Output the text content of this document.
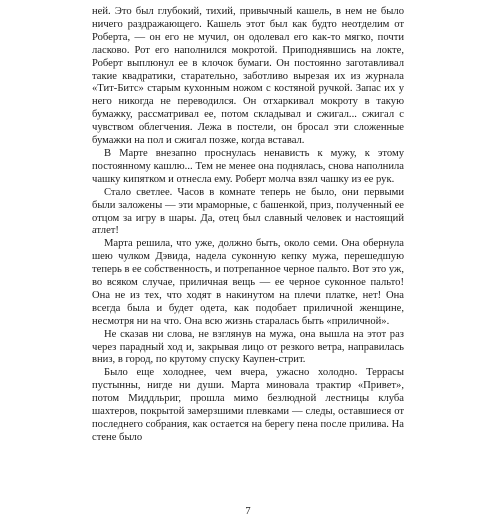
ней. Это был глубокий, тихий, привычный кашель, в нем не было ничего раздражающего. Кашель этот был как будто неотделим от Роберта, — он его не мучил, он одолевал его как-то мягко, почти ласково. Рот его наполнился мокротой. Приподнявшись на локте, Роберт выплюнул ее в клочок бумаги. Он постоянно заготавливал такие квадратики, старательно, заботливо вырезая их из журнала «Тит-Битс» старым кухонным ножом с костяной ручкой. Запас их у него никогда не переводился. Он отхаркивал мокроту в такую бумажку, рассматривал ее, потом складывал и сжигал... сжигал с чувством облегчения. Лежа в постели, он бросал эти сложенные бумажки на пол и сжигал позже, когда вставал.

В Марте внезапно проснулась ненависть к мужу, к этому постоянному кашлю... Тем не менее она поднялась, снова наполнила чашку кипятком и отнесла ему. Роберт молча взял чашку из ее рук.

Стало светлее. Часов в комнате теперь не было, они первыми были заложены — эти мраморные, с башенкой, приз, полученный ее отцом за игру в шары. Да, отец был славный человек и настоящий атлет!

Марта решила, что уже, должно быть, около семи. Она обернула шею чулком Дэвида, надела суконную кепку мужа, перешедшую теперь в ее собственность, и потрепанное черное пальто. Вот это уж, во всяком случае, приличная вещь — ее черное суконное пальто! Она не из тех, что ходят в накинутом на плечи платке, нет! Она всегда была и будет одета, как подобает приличной женщине, несмотря ни на что. Она всю жизнь старалась быть «приличной».

Не сказав ни слова, не взглянув на мужа, она вышла на этот раз через парадный ход и, закрывая лицо от резкого ветра, направилась вниз, в город, по крутому спуску Каупен-стрит.

Было еще холоднее, чем вчера, ужасно холодно. Террасы пустынны, нигде ни души. Марта миновала трактир «Привет», потом Миддльриг, прошла мимо безлюдной лестницы клуба шахтеров, покрытой замерзшими плевками — следы, оставшиеся от последнего собрания, как остается на берегу пена после прилива. На стене было

7
